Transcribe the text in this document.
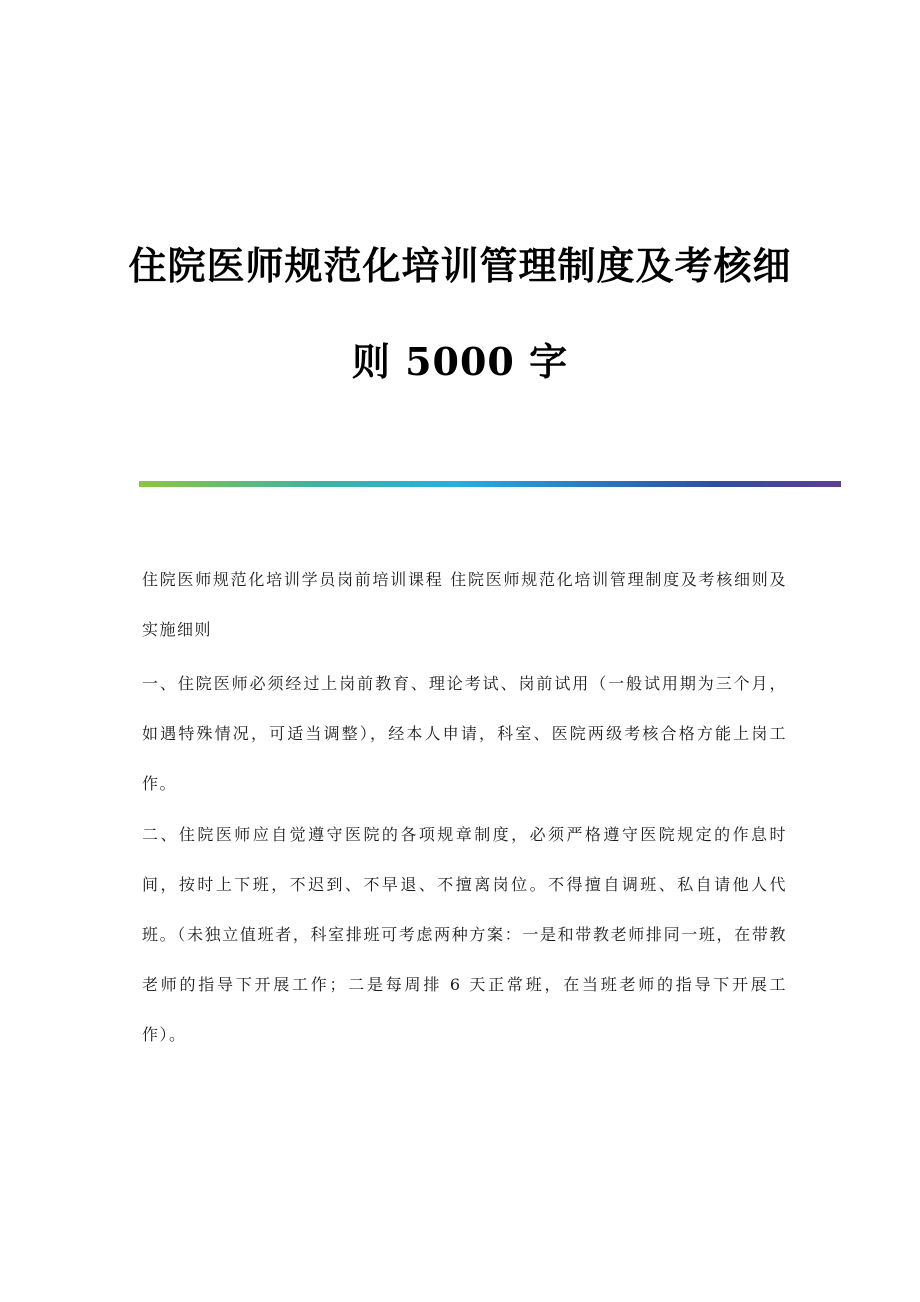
住院医师规范化培训管理制度及考核细
则 5000 字

住院医师规范化培训学员岗前培训课程 住院医师规范化培训管理制度及考核细则及实施细则

一、住院医师必须经过上岗前教育、理论考试、岗前试用（一般试用期为三个月，如遇特殊情况，可适当调整），经本人申请，科室、医院两级考核合格方能上岗工作。

二、住院医师应自觉遵守医院的各项规章制度，必须严格遵守医院规定的作息时间，按时上下班，不迟到、不早退、不擅离岗位。不得擅自调班、私自请他人代班。（未独立值班者，科室排班可考虑两种方案：一是和带教老师排同一班，在带教老师的指导下开展工作；二是每周排 6 天正常班，在当班老师的指导下开展工作）。
